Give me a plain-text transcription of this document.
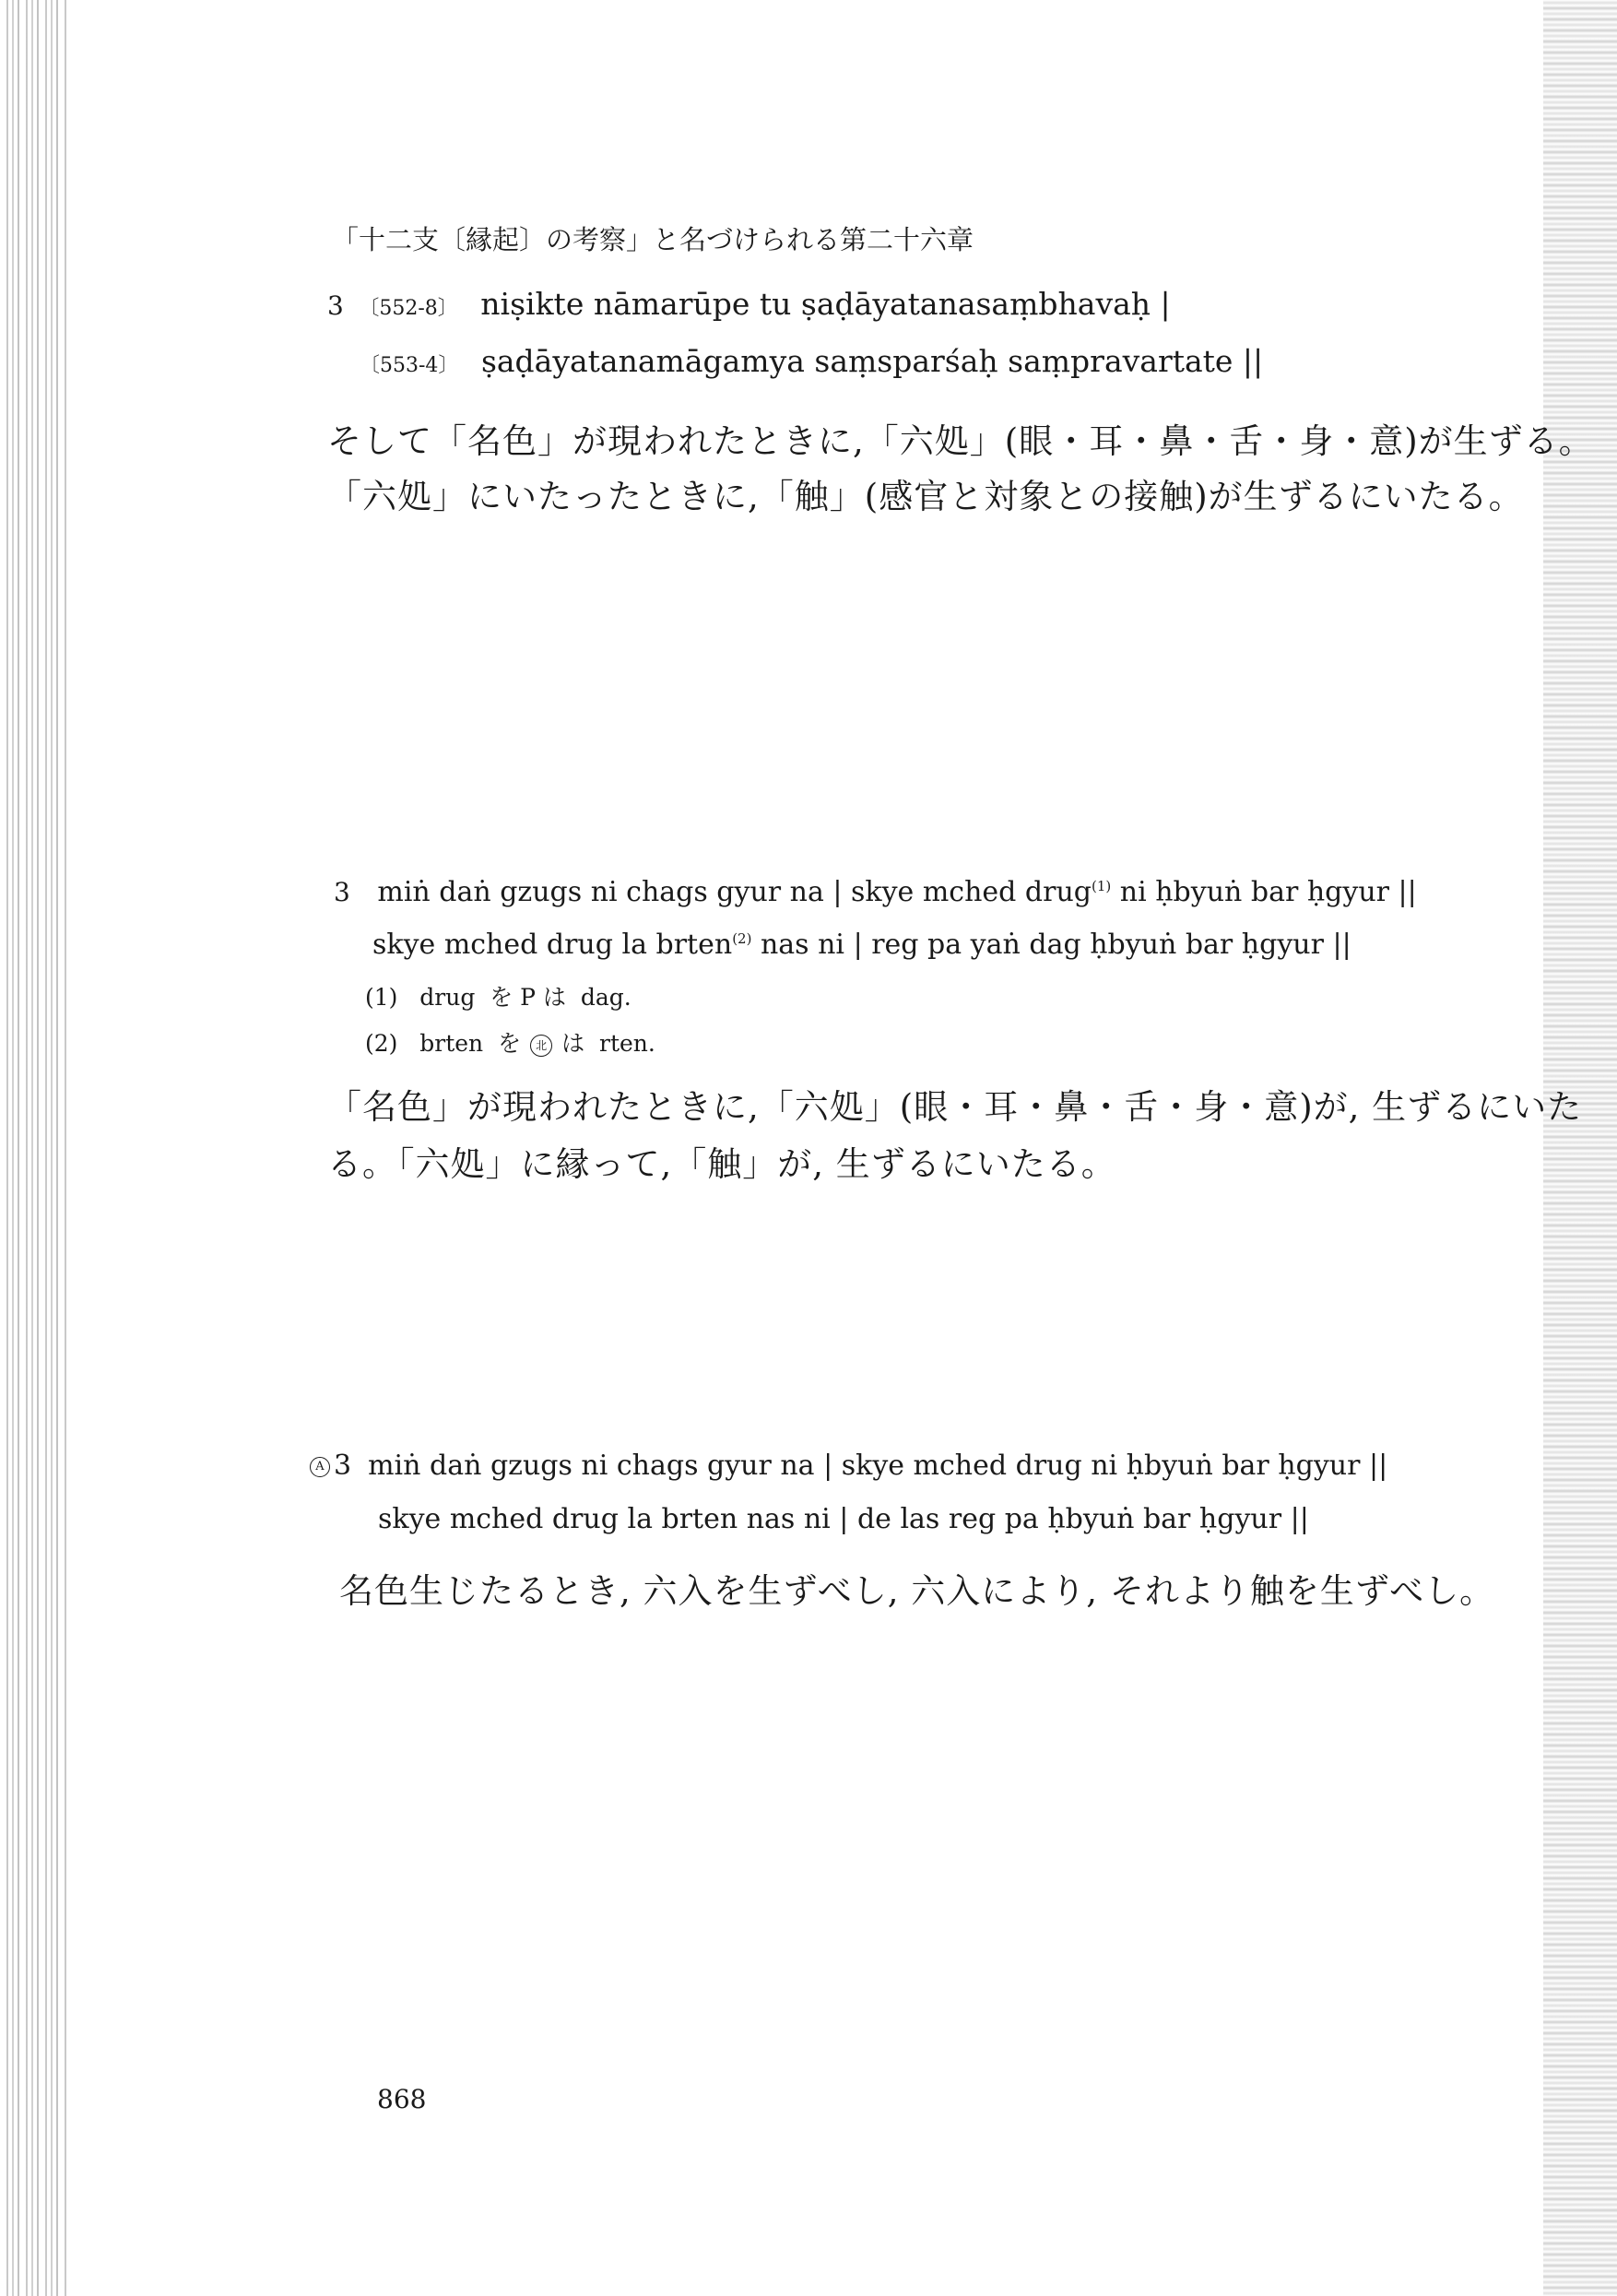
「十二支〔縁起〕の考察」と名づけられる第二十六章
3 〔552-8〕 niṣikte nāmarūpe tu ṣaḍāyatanasaṃbhavaḥ |
〔553-4〕 ṣaḍāyatanamāgamya saṃsparśaḥ saṃpravartate ||
そして「名色」が現われたときに,「六処」(眼・耳・鼻・舌・身・意)が生ずる。
「六処」にいたったときに,「触」(感官と対象との接触)が生ずるにいたる。
3 miṅ daṅ gzugs ni chags gyur na | skye mched drug$^{(1)}$ ni ḥbyuṅ bar ḥgyur ||
skye mched drug la brten$^{(2)}$ nas ni | reg pa yaṅ dag ḥbyuṅ bar ḥgyur ||
(1) drug を P は dag.
(2) brten を 北 は rten.
「名色」が現われたときに,「六処」(眼・耳・鼻・舌・身・意)が, 生ずるにいた
る。「六処」に縁って,「触」が, 生ずるにいたる。
A 3 miṅ daṅ gzugs ni chags gyur na | skye mched drug ni ḥbyuṅ bar ḥgyur ||
skye mched drug la brten nas ni | de las reg pa ḥbyuṅ bar ḥgyur ||
名色生じたるとき, 六入を生ずべし, 六入により, それより触を生ずべし。
868
